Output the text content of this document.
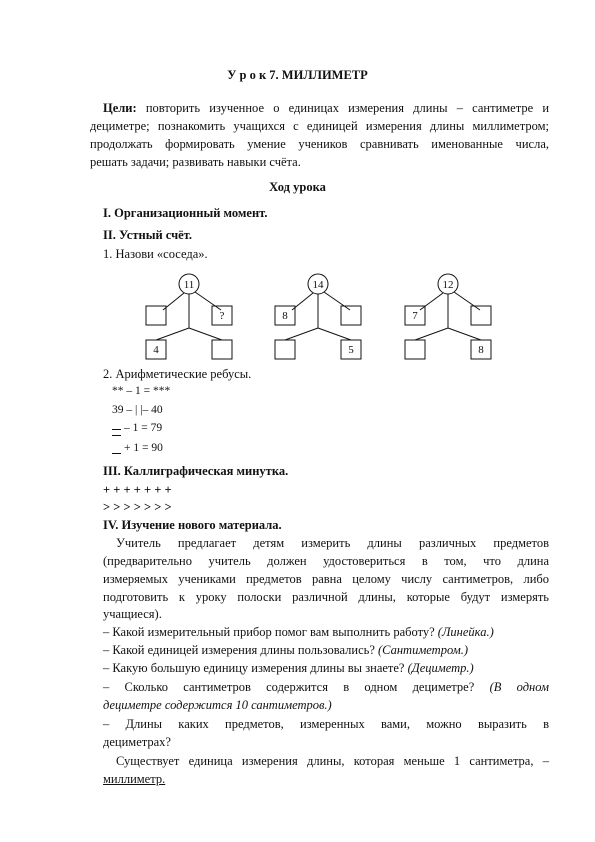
У р о к 7. МИЛЛИМЕТР
Цели: повторить изученное о единицах измерения длины – сантиметре и
дециметре; познакомить учащихся с единицей измерения длины миллиметром;
продолжать формировать умение учеников сравнивать именованные числа,
решать задачи; развивать навыки счёта.
Ход урока
I. Организационный момент.
II. Устный счёт.
1. Назови «соседа».
11
?
4
14
8
5
12
7
8
2. Арифметические ребусы.
** – 1 = ***
39 – | |– 40
– 1 = 79
+ 1 = 90
III. Каллиграфическая минутка.
+ + + + + + +
> > > > > > >
IV. Изучение нового материала.
Учитель предлагает детям измерить длины различных предметов
(предварительно учитель должен удостовериться в том, что длина
измеряемых учениками предметов равна целому числу сантиметров, либо
подготовить к уроку полоски различной длины, которые будут измерять
учащиеся).
– Какой измерительный прибор помог вам выполнить работу? (Линейка.)
– Какой единицей измерения длины пользовались? (Сантиметром.)
– Какую большую единицу измерения длины вы знаете? (Дециметр.)
– Сколько сантиметров содержится в одном дециметре? (В одном
дециметре содержится 10 сантиметров.)
– Длины каких предметов, измеренных вами, можно выразить в
дециметрах?
Существует единица измерения длины, которая меньше 1 сантиметра, –
миллиметр.
